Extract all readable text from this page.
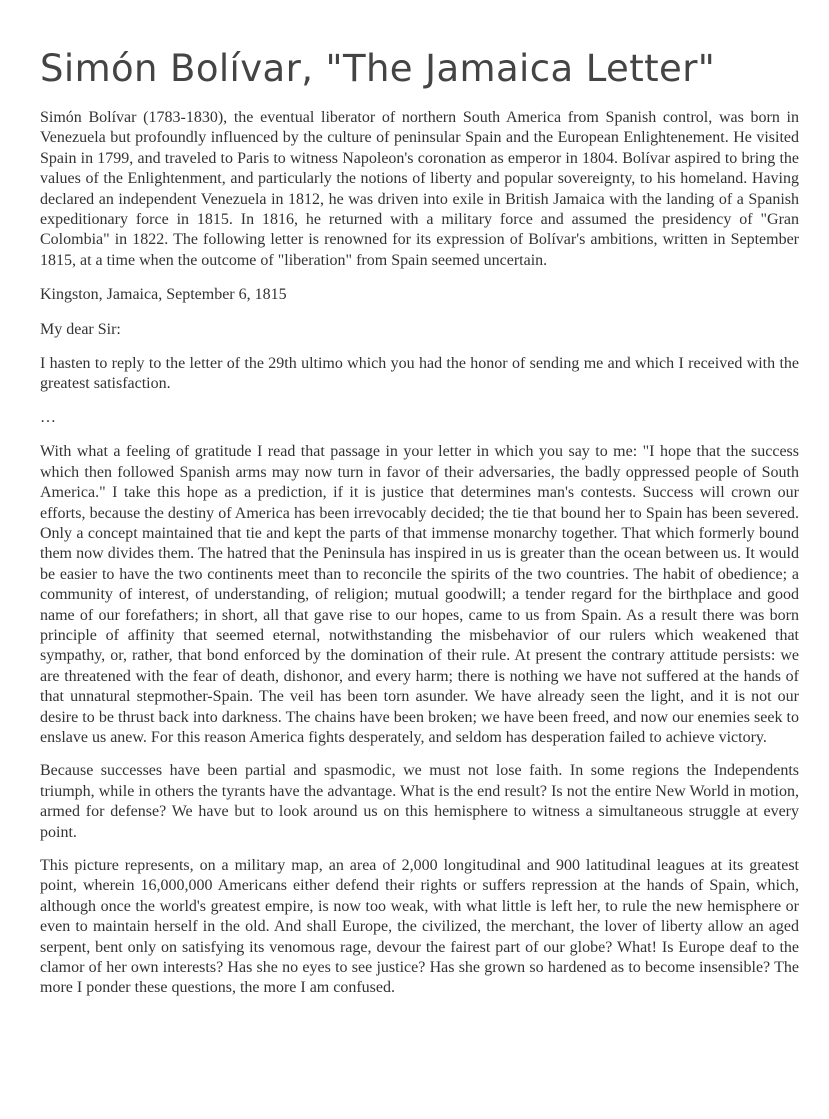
Simón Bolívar, "The Jamaica Letter"

Simón Bolívar (1783-1830), the eventual liberator of northern South America from Spanish control, was born in Venezuela but profoundly influenced by the culture of peninsular Spain and the European Enlightenement. He visited Spain in 1799, and traveled to Paris to witness Napoleon's coronation as emperor in 1804. Bolívar aspired to bring the values of the Enlightenment, and particularly the notions of liberty and popular sovereignty, to his homeland. Having declared an independent Venezuela in 1812, he was driven into exile in British Jamaica with the landing of a Spanish expeditionary force in 1815. In 1816, he returned with a military force and assumed the presidency of "Gran Colombia" in 1822. The following letter is renowned for its expression of Bolívar's ambitions, written in September 1815, at a time when the outcome of "liberation" from Spain seemed uncertain.

Kingston, Jamaica, September 6, 1815

My dear Sir:

I hasten to reply to the letter of the 29th ultimo which you had the honor of sending me and which I received with the greatest satisfaction.

…

With what a feeling of gratitude I read that passage in your letter in which you say to me: "I hope that the success which then followed Spanish arms may now turn in favor of their adversaries, the badly oppressed people of South America." I take this hope as a prediction, if it is justice that determines man's contests. Success will crown our efforts, because the destiny of America has been irrevocably decided; the tie that bound her to Spain has been severed. Only a concept maintained that tie and kept the parts of that immense monarchy together. That which formerly bound them now divides them. The hatred that the Peninsula has inspired in us is greater than the ocean between us. It would be easier to have the two continents meet than to reconcile the spirits of the two countries. The habit of obedience; a community of interest, of understanding, of religion; mutual goodwill; a tender regard for the birthplace and good name of our forefathers; in short, all that gave rise to our hopes, came to us from Spain. As a result there was born principle of affinity that seemed eternal, notwithstanding the misbehavior of our rulers which weakened that sympathy, or, rather, that bond enforced by the domination of their rule. At present the contrary attitude persists: we are threatened with the fear of death, dishonor, and every harm; there is nothing we have not suffered at the hands of that unnatural stepmother-Spain. The veil has been torn asunder. We have already seen the light, and it is not our desire to be thrust back into darkness. The chains have been broken; we have been freed, and now our enemies seek to enslave us anew. For this reason America fights desperately, and seldom has desperation failed to achieve victory.

Because successes have been partial and spasmodic, we must not lose faith. In some regions the Independents triumph, while in others the tyrants have the advantage. What is the end result? Is not the entire New World in motion, armed for defense? We have but to look around us on this hemisphere to witness a simultaneous struggle at every point.

This picture represents, on a military map, an area of 2,000 longitudinal and 900 latitudinal leagues at its greatest point, wherein 16,000,000 Americans either defend their rights or suffers repression at the hands of Spain, which, although once the world's greatest empire, is now too weak, with what little is left her, to rule the new hemisphere or even to maintain herself in the old. And shall Europe, the civilized, the merchant, the lover of liberty allow an aged serpent, bent only on satisfying its venomous rage, devour the fairest part of our globe? What! Is Europe deaf to the clamor of her own interests? Has she no eyes to see justice? Has she grown so hardened as to become insensible? The more I ponder these questions, the more I am confused.
